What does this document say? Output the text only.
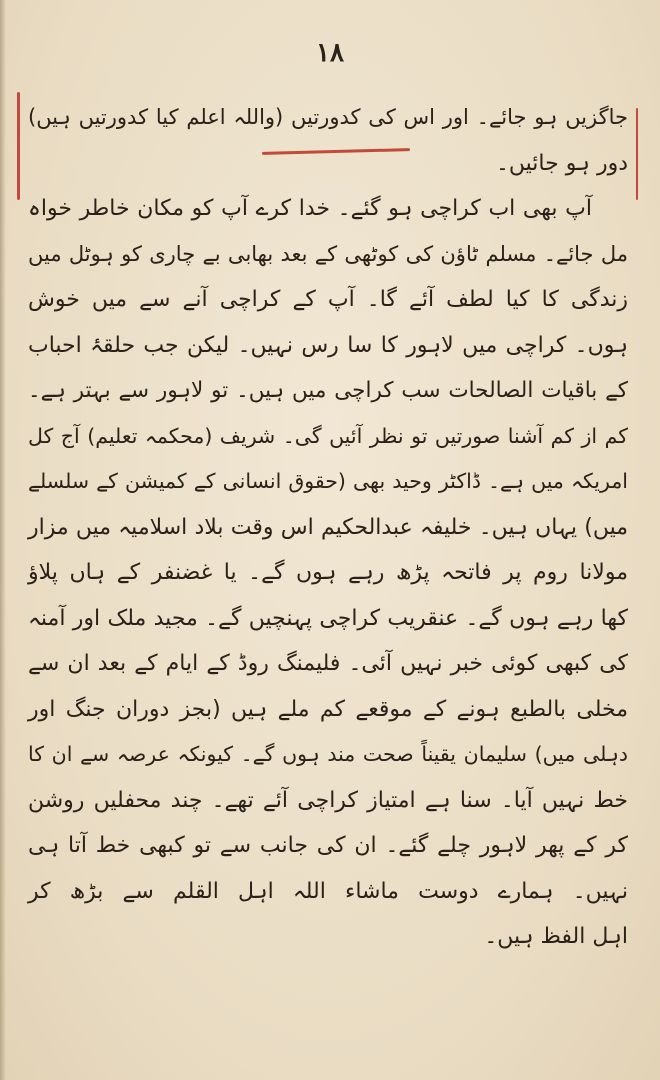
۱۸
جاگزیں ہو جائے۔ اور اس کی کدورتیں (واللہ اعلم کیا کدورتیں ہیں)
دور ہو جائیں۔
آپ بھی اب کراچی ہو گئے۔ خدا کرے آپ کو مکان خاطر خواہ
مل جائے۔ مسلم ٹاؤن کی کوٹھی کے بعد بھابی بے چاری کو ہوٹل میں
زندگی کا کیا لطف آئے گا۔ آپ کے کراچی آنے سے میں خوش
ہوں۔ کراچی میں لاہور کا سا رس نہیں۔ لیکن جب حلقۂ احباب
کے باقیات الصالحات سب کراچی میں ہیں۔ تو لاہور سے بہتر ہے۔
کم از کم آشنا صورتیں تو نظر آئیں گی۔ شریف (محکمہ تعلیم) آج کل
امریکہ میں ہے۔ ڈاکٹر وحید بھی (حقوق انسانی کے کمیشن کے سلسلے
میں) یہاں ہیں۔ خلیفہ عبدالحکیم اس وقت بلاد اسلامیہ میں مزار
مولانا روم پر فاتحہ پڑھ رہے ہوں گے۔ یا غضنفر کے ہاں پلاؤ
کھا رہے ہوں گے۔ عنقریب کراچی پہنچیں گے۔ مجید ملک اور آمنہ
کی کبھی کوئی خبر نہیں آئی۔ فلیمنگ روڈ کے ایام کے بعد ان سے
مخلی بالطبع ہونے کے موقعے کم ملے ہیں (بجز دوران جنگ اور
دہلی میں) سلیمان یقیناً صحت مند ہوں گے۔ کیونکہ عرصہ سے ان کا
خط نہیں آیا۔ سنا ہے امتیاز کراچی آئے تھے۔ چند محفلیں روشن
کر کے پھر لاہور چلے گئے۔ ان کی جانب سے تو کبھی خط آتا ہی
نہیں۔ ہمارے دوست ماشاء اللہ اہل القلم سے بڑھ کر
اہل الفظ ہیں۔
